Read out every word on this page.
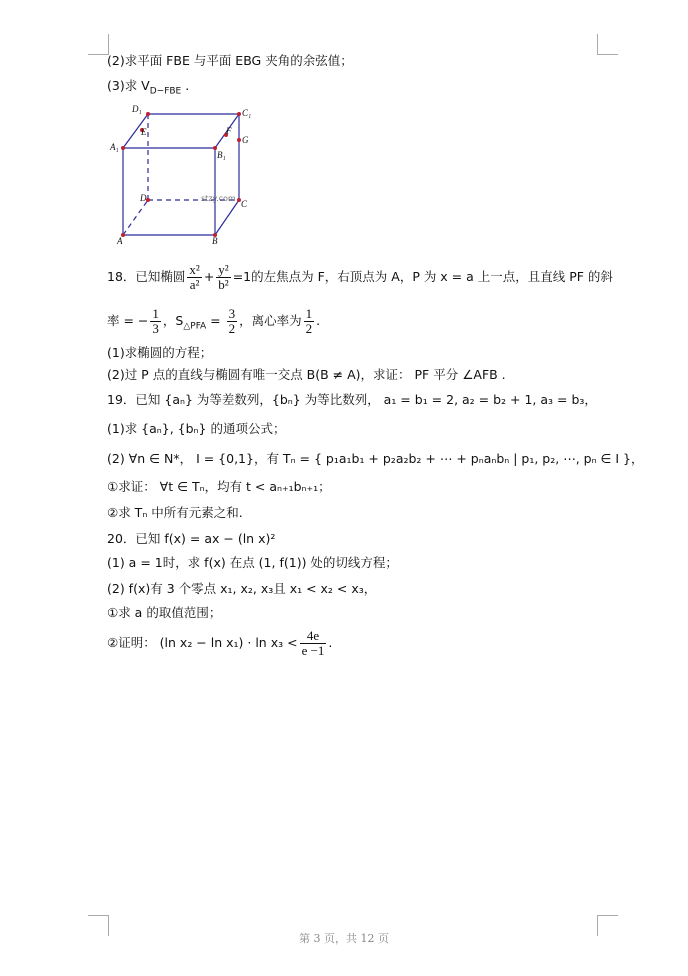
(2)求平面 FBE 与平面 EBG 夹角的余弦值；
(3)求 $V_{D-FBE}$ .
D₁	C₁
A₁
B₁
E	F
G
D
C
A	B
stzy.com
18．已知椭圆 $\frac{\text{x²}}{\text{a²}} + \frac{\text{y²}}{\text{b²}} =1$的左焦点为 F，右顶点为 A，P 为 x = a 上一点，且直线 PF 的斜
率 = − $\frac{1}{3}$ ，$S_{\triangle PFA} = \frac{3}{2}$ ，离心率为 $\frac{1}{2}$ .
(1)求椭圆的方程；
(2)过 P 点的直线与椭圆有唯一交点 B(B ≠ A)，求证： PF 平分 ∠AFB .
19．已知 {aₙ} 为等差数列，{bₙ} 为等比数列， a₁ = b₁ = 2, a₂ = b₂ + 1, a₃ = b₃，
(1)求 {aₙ}, {bₙ} 的通项公式；
(2) ∀n ∈ N*， I = {0,1}，有 Tₙ = { p₁a₁b₁ + p₂a₂b₂ + ⋯ + pₙaₙbₙ | p₁, p₂, ⋯, pₙ ∈ I }，
①求证： ∀t ∈ Tₙ，均有 t < aₙ₊₁bₙ₊₁；
②求 Tₙ 中所有元素之和.
20．已知 f(x) = ax − (ln x)²
(1) a = 1时，求 f(x) 在点 (1, f(1)) 处的切线方程；
(2) f(x)有 3 个零点 x₁, x₂, x₃且 x₁ < x₂ < x₃，
①求 a 的取值范围；
②证明： (ln $x_2 - \ln x_1) \cdot \ln x_3 < \frac{4e}{e -1}$ .
第 3 页，共 12 页
